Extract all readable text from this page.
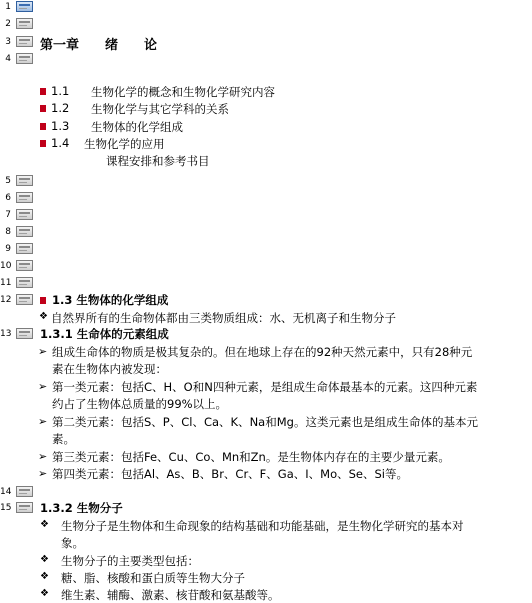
1
2
3 第一章　　绪　　论
4
1.1 生物化学的概念和生物化学研究内容
1.2 生物化学与其它学科的关系
1.3 生物体的化学组成
1.4 生物化学的应用
课程安排和参考书目
5
6
7
8
9
10
11
12	1.3 生物体的化学组成
❖ 自然界所有的生命物体都由三类物质组成：水、无机离子和生物分子
13 1.3.1 生命体的元素组成
➢ 组成生命体的物质是极其复杂的。但在地球上存在的92种天然元素中，只有28种元
素在生物体内被发现：
➢ 第一类元素：包括C、H、O和N四种元素，是组成生命体最基本的元素。这四种元素
约占了生物体总质量的99%以上。
➢ 第二类元素：包括S、P、Cl、Ca、K、Na和Mg。这类元素也是组成生命体的基本元
素。
➢ 第三类元素：包括Fe、Cu、Co、Mn和Zn。是生物体内存在的主要少量元素。
➢ 第四类元素：包括Al、As、B、Br、Cr、F、Ga、I、Mo、Se、Si等。
14
15 1.3.2 生物分子
❖ 生物分子是生物体和生命现象的结构基础和功能基础，是生物化学研究的基本对
象。
❖ 生物分子的主要类型包括：
❖ 糖、脂、核酸和蛋白质等生物大分子
❖ 维生素、辅酶、激素、核苷酸和氨基酸等。
